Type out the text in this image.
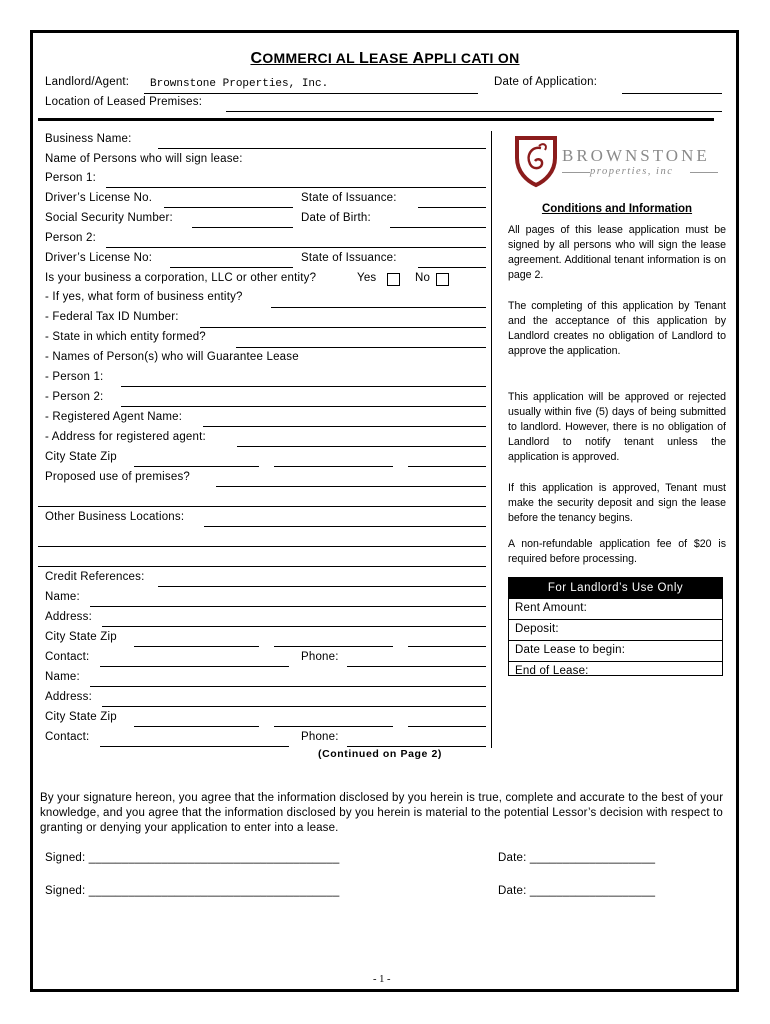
COMMERCI AL LEASE APPLI CATI ON
Landlord/Agent: Brownstone Properties, Inc.	Date of Application:
Location of Leased Premises:
Business Name:
Name of Persons who will sign lease:
Person 1:
Driver’s License No.	State of Issuance:
Social Security Number:	Date of Birth:
Person 2:
Driver’s License No:	State of Issuance:
Is your business a corporation, LLC or other entity?	Yes	No
- If yes, what form of business entity?
- Federal Tax ID Number:
- State in which entity formed?
- Names of Person(s) who will Guarantee Lease
- Person 1:
- Person 2:
- Registered Agent Name:
- Address for registered agent:
City State Zip
Proposed use of premises?
Other Business Locations:
Credit References:
Name:
Address:
City State Zip
Contact:	Phone:
Name:
Address:
City State Zip
Contact:	Phone:
(Continued on Page 2)
BROWNSTONE
properties, inc
Conditions and Information
All pages of this lease application must be signed by all persons who will sign the lease agreement. Additional tenant information is on page 2.
The completing of this application by Tenant and the acceptance of this application by Landlord creates no obligation of Landlord to approve the application.
This application will be approved or rejected usually within five (5) days of being submitted to landlord. However, there is no obligation of Landlord to notify tenant unless the application is approved.
If this application is approved, Tenant must make the security deposit and sign the lease before the tenancy begins.
A non-refundable application fee of $20 is required before processing.
For Landlord’s Use Only
Rent Amount:
Deposit:
Date Lease to begin:
End of Lease:
By your signature hereon, you agree that the information disclosed by you herein is true, complete and accurate to the best of your knowledge, and you agree that the information disclosed by you herein is material to the potential Lessor’s decision with respect to granting or denying your application to enter into a lease.
Signed: ______________________________________	Date: ___________________
Signed: ______________________________________	Date: ___________________
- 1 -
